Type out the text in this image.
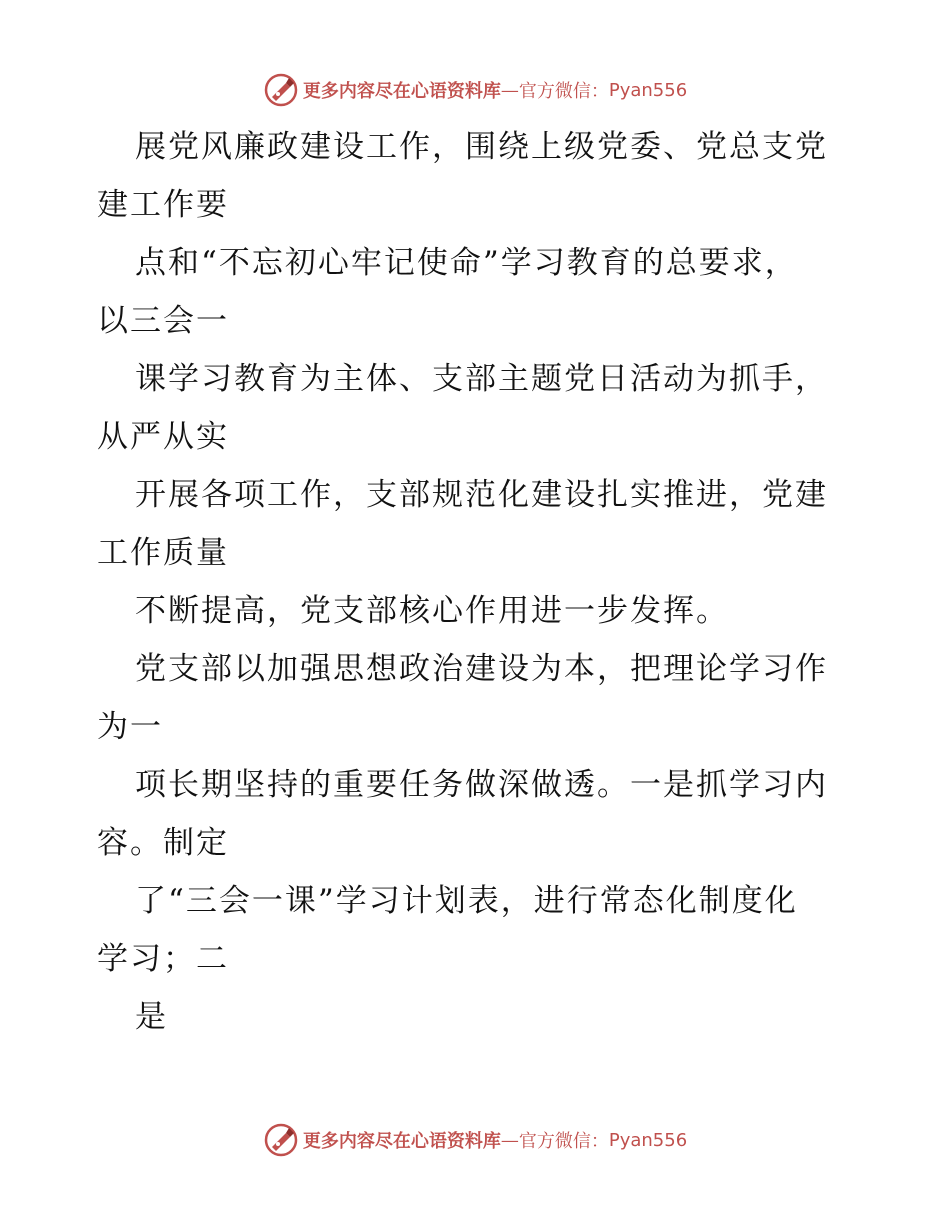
更多内容尽在心语资料库 — 官方微信： Pyan556
展党风廉政建设工作，围绕上级党委、党总支党
建工作要
点和“不忘初心牢记使命”学习教育的总要求，
以三会一
课学习教育为主体、支部主题党日活动为抓手，
从严从实
开展各项工作，支部规范化建设扎实推进，党建
工作质量
不断提高，党支部核心作用进一步发挥。
党支部以加强思想政治建设为本，把理论学习作
为一
项长期坚持的重要任务做深做透。一是抓学习内
容。制定
了“三会一课”学习计划表，进行常态化制度化
学习；二
是
更多内容尽在心语资料库 — 官方微信： Pyan556
